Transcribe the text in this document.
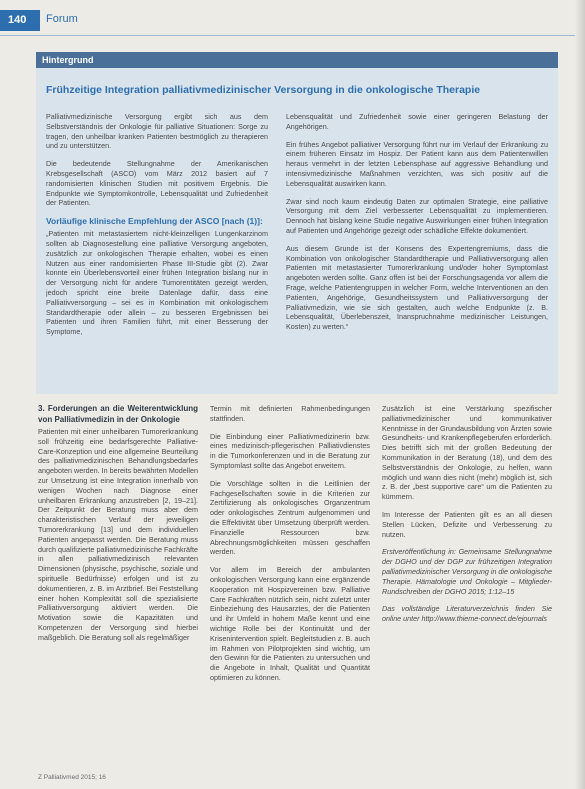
140	Forum
Hintergrund
Frühzeitige Integration palliativmedizinischer Versorgung in die onkologische Therapie

Palliativmedizinische Versorgung ergibt sich aus dem Selbstverständnis der Onkologie für palliative Situationen: Sorge zu tragen, den unheilbar kranken Patienten bestmöglich zu therapieren und zu unterstützen.

Die bedeutende Stellungnahme der Amerikanischen Krebsgesellschaft (ASCO) vom März 2012 basiert auf 7 randomisierten klinischen Studien mit positivem Ergebnis. Die Endpunkte wie Symptomkontrolle, Lebensqualität und Zufriedenheit der Patienten.

Vorläufige klinische Empfehlung der ASCO [nach (1)]:

„Patienten mit metastasiertem nicht-kleinzelligen Lungenkarzinom sollten ab Diagnosestellung eine palliative Versorgung angeboten, zusätzlich zur onkologischen Therapie erhalten, wobei es einen Nutzen aus einer randomisierten Phase III-Studie gibt (2). Zwar konnte ein Überlebensvorteil einer frühen Integration bislang nur in der Versorgung nicht für andere Tumorentitäten gezeigt werden, jedoch spricht eine breite Datenlage dafür, dass eine Palliativversorgung – sei es in Kombination mit onkologischem Standardtherapie oder allein – zu besseren Ergebnissen bei Patienten und ihren Familien führt, mit einer Besserung der Symptome,

Lebensqualität und Zufriedenheit sowie einer geringeren Belastung der Angehörigen.

Ein frühes Angebot palliativer Versorgung führt nur im Verlauf der Erkrankung zu einem früheren Einsatz im Hospiz. Der Patient kann aus dem Patientenwillen heraus vermehrt in der letzten Lebensphase auf aggressive Behandlung und intensivmedizinische Maßnahmen verzichten, was sich positiv auf die Lebensqualität auswirken kann.

Zwar sind noch kaum eindeutig Daten zur optimalen Strategie, eine palliative Versorgung mit dem Ziel verbesserter Lebensqualität zu implementieren. Dennoch hat bislang keine Studie negative Auswirkungen einer frühen Integration auf Patienten und Angehörige gezeigt oder schädliche Effekte dokumentiert.

Aus diesem Grunde ist der Konsens des Expertengremiums, dass die Kombination von onkologischer Standardtherapie und Palliativversorgung allen Patienten mit metastasierter Tumorerkrankung und/oder hoher Symptomlast angeboten werden sollte. Ganz offen ist bei der Forschungsagenda vor allem die Frage, welche Patientengruppen in welcher Form, welche Interventionen an den Patienten, Angehörige, Gesundheitssystem und Palliativversorgung der Palliativmedizin, wie sie sich gestalten, auch welche Endpunkte (z. B. Lebensqualität, Überlebenszeit, Inanspruchnahme medizinischer Leistungen, Kosten) zu werten.“

3. Forderungen an die Weiterentwicklung von Palliativmedizin in der Onkologie

Patienten mit einer unheilbaren Tumorerkrankung soll frühzeitig eine bedarfsgerechte Palliative-Care-Konzeption und eine allgemeine Beurteilung des palliativmedizinischen Behandlungsbedarfes angeboten werden. In bereits bewährten Modellen zur Umsetzung ist eine Integration innerhalb von wenigen Wochen nach Diagnose einer unheilbaren Erkrankung anzustreben [2, 19–21]. Der Zeitpunkt der Beratung muss aber dem charakteristischen Verlauf der jeweiligen Tumorerkrankung [13] und dem individuellen Patienten angepasst werden. Die Beratung muss durch qualifizierte palliativmedizinische Fachkräfte in allen palliativmedizinisch relevanten Dimensionen (physische, psychische, soziale und spirituelle Bedürfnisse) erfolgen und ist zu dokumentieren, z. B. im Arztbrief. Bei Feststellung einer hohen Komplexität soll die spezialisierte Palliativversorgung aktiviert werden. Die Motivation sowie die Kapazitäten und Kompetenzen der Versorgung sind hierbei maßgeblich. Die Beratung soll als regelmäßiger

Termin mit definierten Rahmenbedingungen stattfinden.

Die Einbindung einer Palliativmedizinerin bzw. eines medizinisch-pflegerischen Palliativdienstes in die Tumorkonferenzen und in die Beratung zur Symptomlast sollte das Angebot erweitern.

Die Vorschläge sollten in die Leitlinien der Fachgesellschaften sowie in die Kriterien zur Zertifizierung als onkologisches Organzentrum oder onkologisches Zentrum aufgenommen und die Effektivität über Umsetzung überprüft werden. Finanzielle Ressourcen bzw. Abrechnungsmöglichkeiten müssen geschaffen werden.

Vor allem im Bereich der ambulanten onkologischen Versorgung kann eine ergänzende Kooperation mit Hospizvereinen bzw. Palliative Care Fachkräften nützlich sein, nicht zuletzt unter Einbeziehung des Hausarztes, der die Patienten und ihr Umfeld in hohem Maße kennt und eine wichtige Rolle bei der Kontinuität und der Krisenintervention spielt. Begleitstudien z. B. auch im Rahmen von Pilotprojekten sind wichtig, um den Gewinn für die Patienten zu untersuchen und die Angebote in Inhalt, Qualität und Quantität optimieren zu können.

Zusätzlich ist eine Verstärkung spezifischer palliativmedizinischer und kommunikativer Kenntnisse in der Grundausbildung von Ärzten sowie Gesundheits- und Krankenpflegeberufen erforderlich. Dies betrifft sich mit der großen Bedeutung der Kommunikation in der Beratung (18), und dem des Selbstverständnis der Onkologie, zu helfen, wann möglich und wann dies nicht (mehr) möglich ist, sich z. B. der „best supportive care“ um die Patienten zu kümmern.

Im Interesse der Patienten gilt es an all diesen Stellen Lücken, Defizite und Verbesserung zu nutzen.

Erstveröffentlichung in: Gemeinsame Stellungnahme der DGHO und der DGP zur frühzeitigen Integration palliativmedizinischer Versorgung in die onkologische Therapie. Hämatologie und Onkologie – Mitglieder-Rundschreiben der DGHO 2015; 1:12–15

Das vollständige Literaturverzeichnis finden Sie online unter http://www.thieme-connect.de/ejournals

Z Palliativmed 2015; 16
